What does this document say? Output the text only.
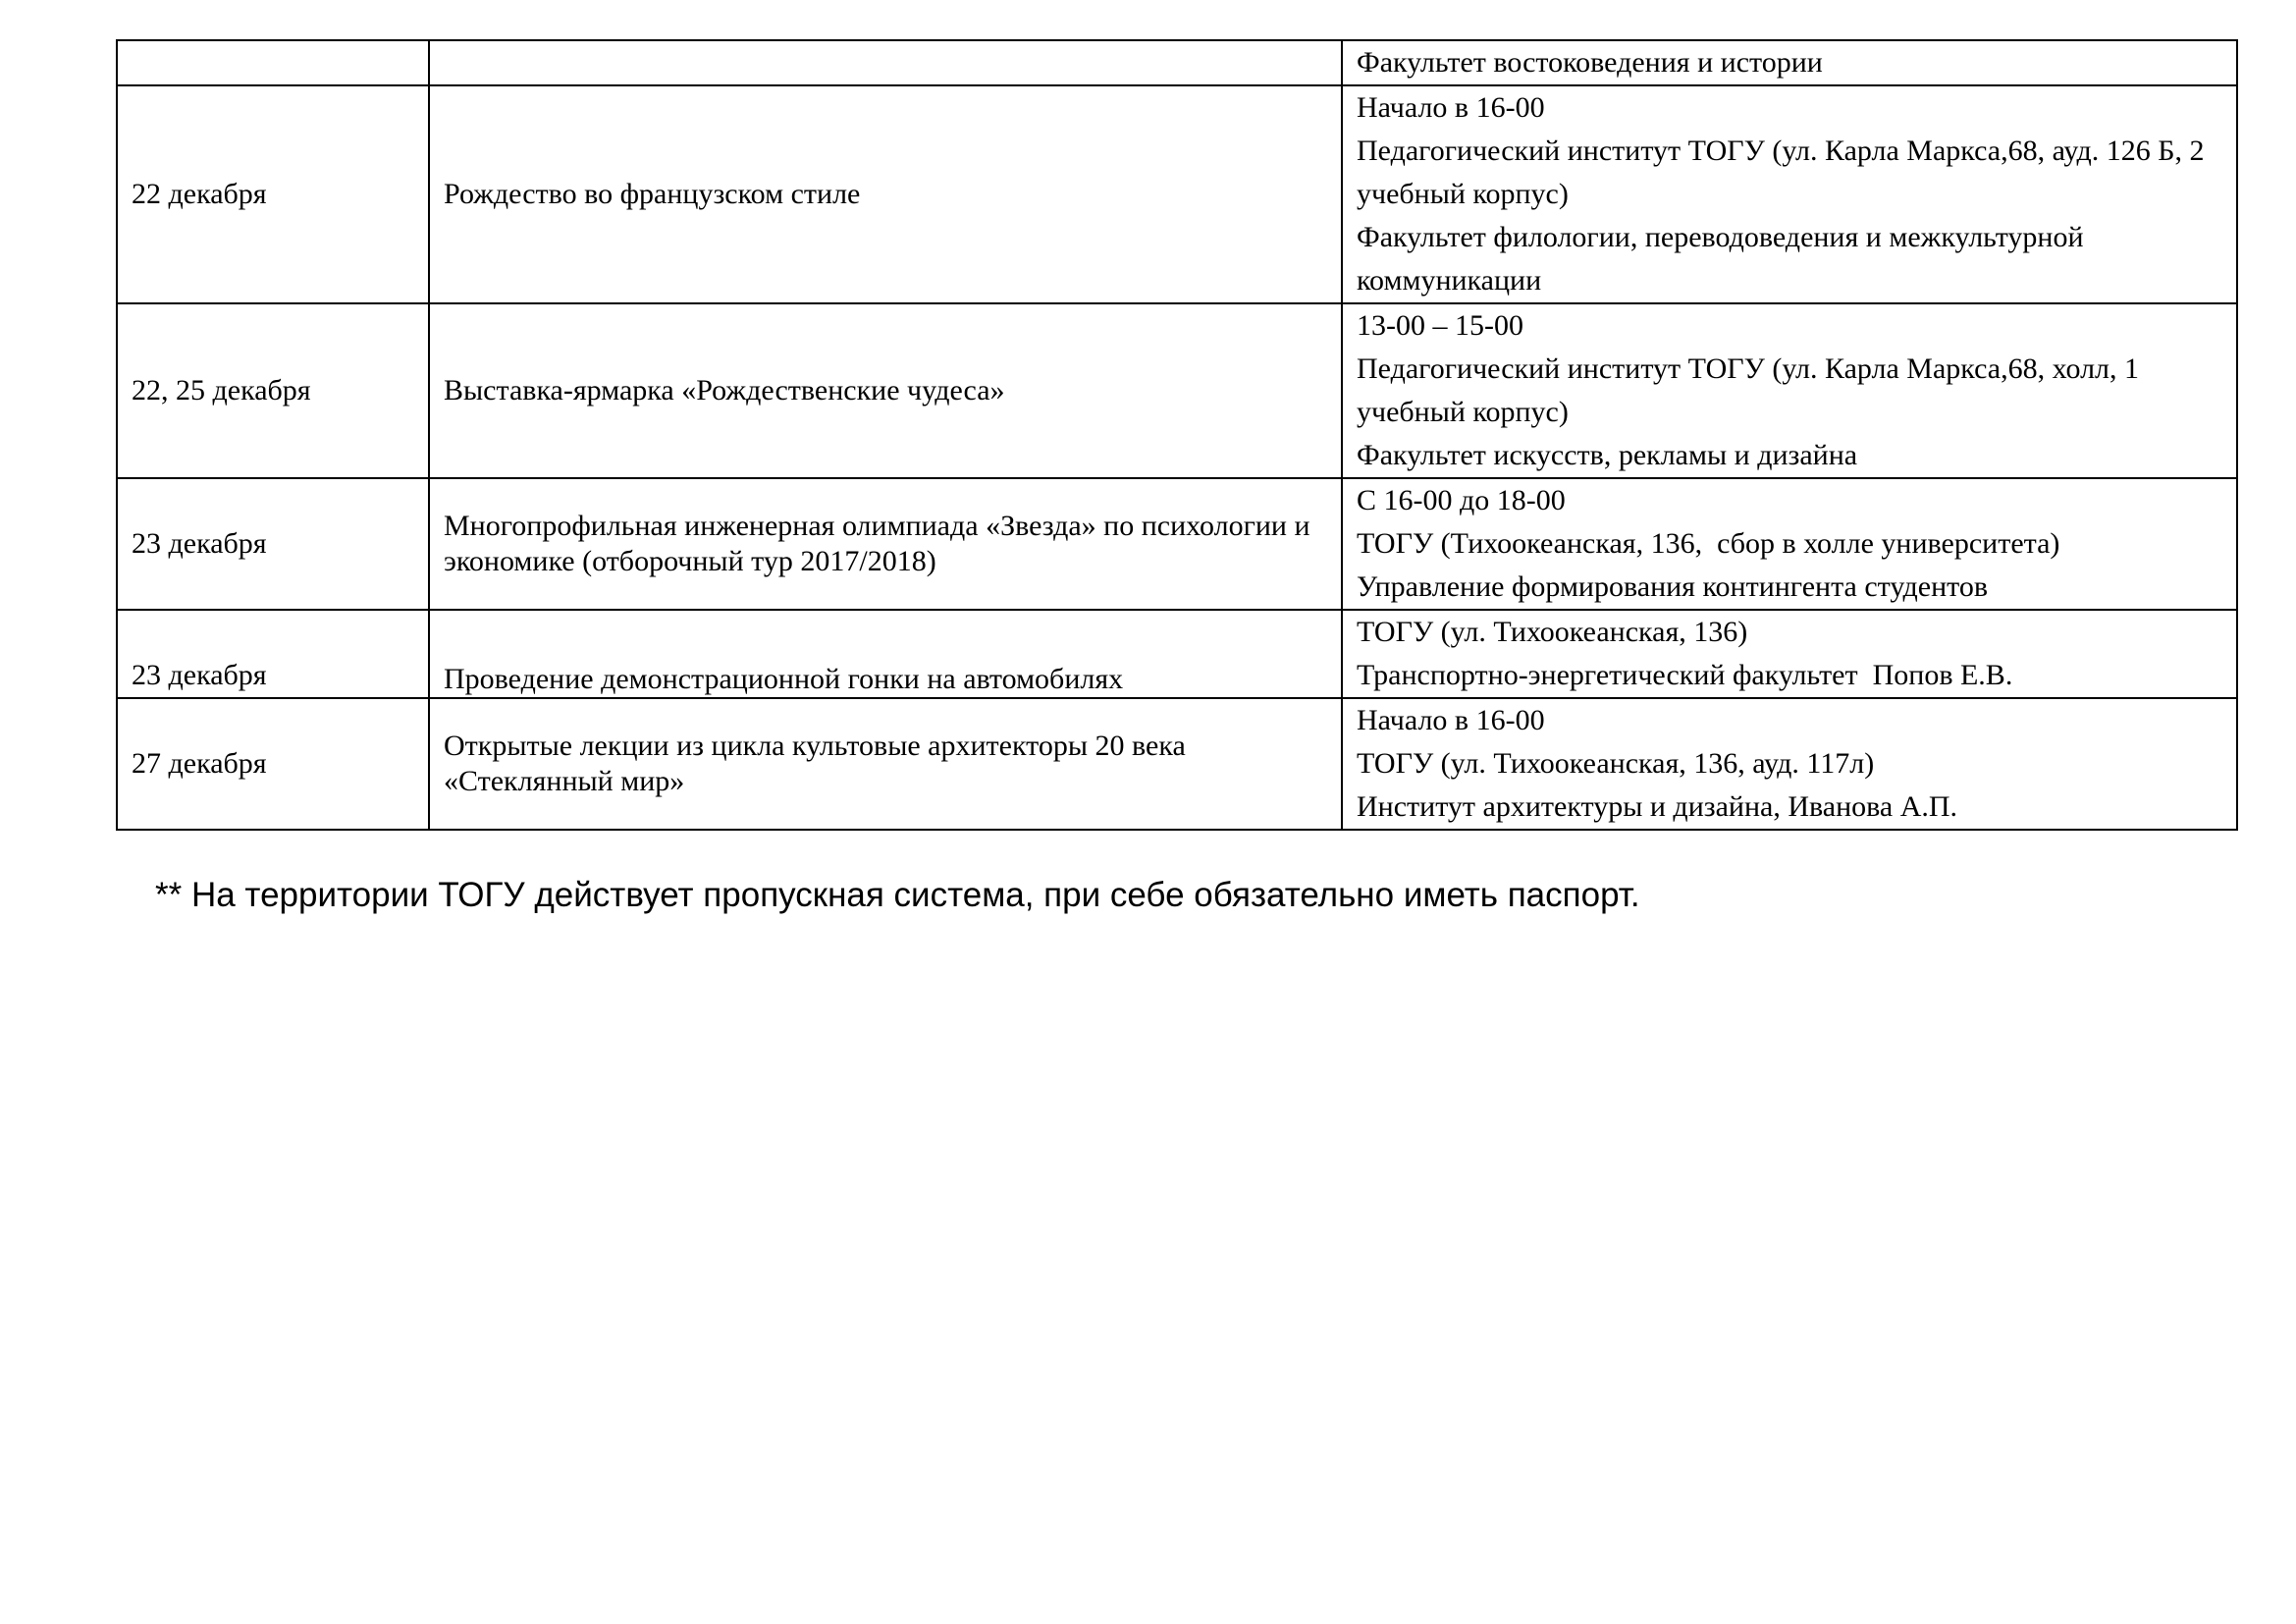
		Факультет востоковедения и истории

22 декабря	Рождество во французском стиле	Начало в 16-00
Педагогический институт ТОГУ (ул. Карла Маркса,68, ауд. 126 Б, 2 учебный корпус)
Факультет филологии, переводоведения и межкультурной коммуникации

22, 25 декабря	Выставка-ярмарка «Рождественские чудеса»	13-00 – 15-00
Педагогический институт ТОГУ (ул. Карла Маркса,68, холл, 1 учебный корпус)
Факультет искусств, рекламы и дизайна

23 декабря	Многопрофильная инженерная олимпиада «Звезда» по психологии и экономике (отборочный тур 2017/2018)	С 16-00 до 18-00
ТОГУ (Тихоокеанская, 136,  сбор в холле университета)
Управление формирования контингента студентов

23 декабря	Проведение демонстрационной гонки на автомобилях	ТОГУ (ул. Тихоокеанская, 136)
Транспортно-энергетический факультет  Попов Е.В.

27 декабря	Открытые лекции из цикла культовые архитекторы 20 века «Стеклянный мир»	Начало в 16-00
ТОГУ (ул. Тихоокеанская, 136, ауд. 117л)
Институт архитектуры и дизайна, Иванова А.П.
** На территории ТОГУ действует пропускная система, при себе обязательно иметь паспорт.
